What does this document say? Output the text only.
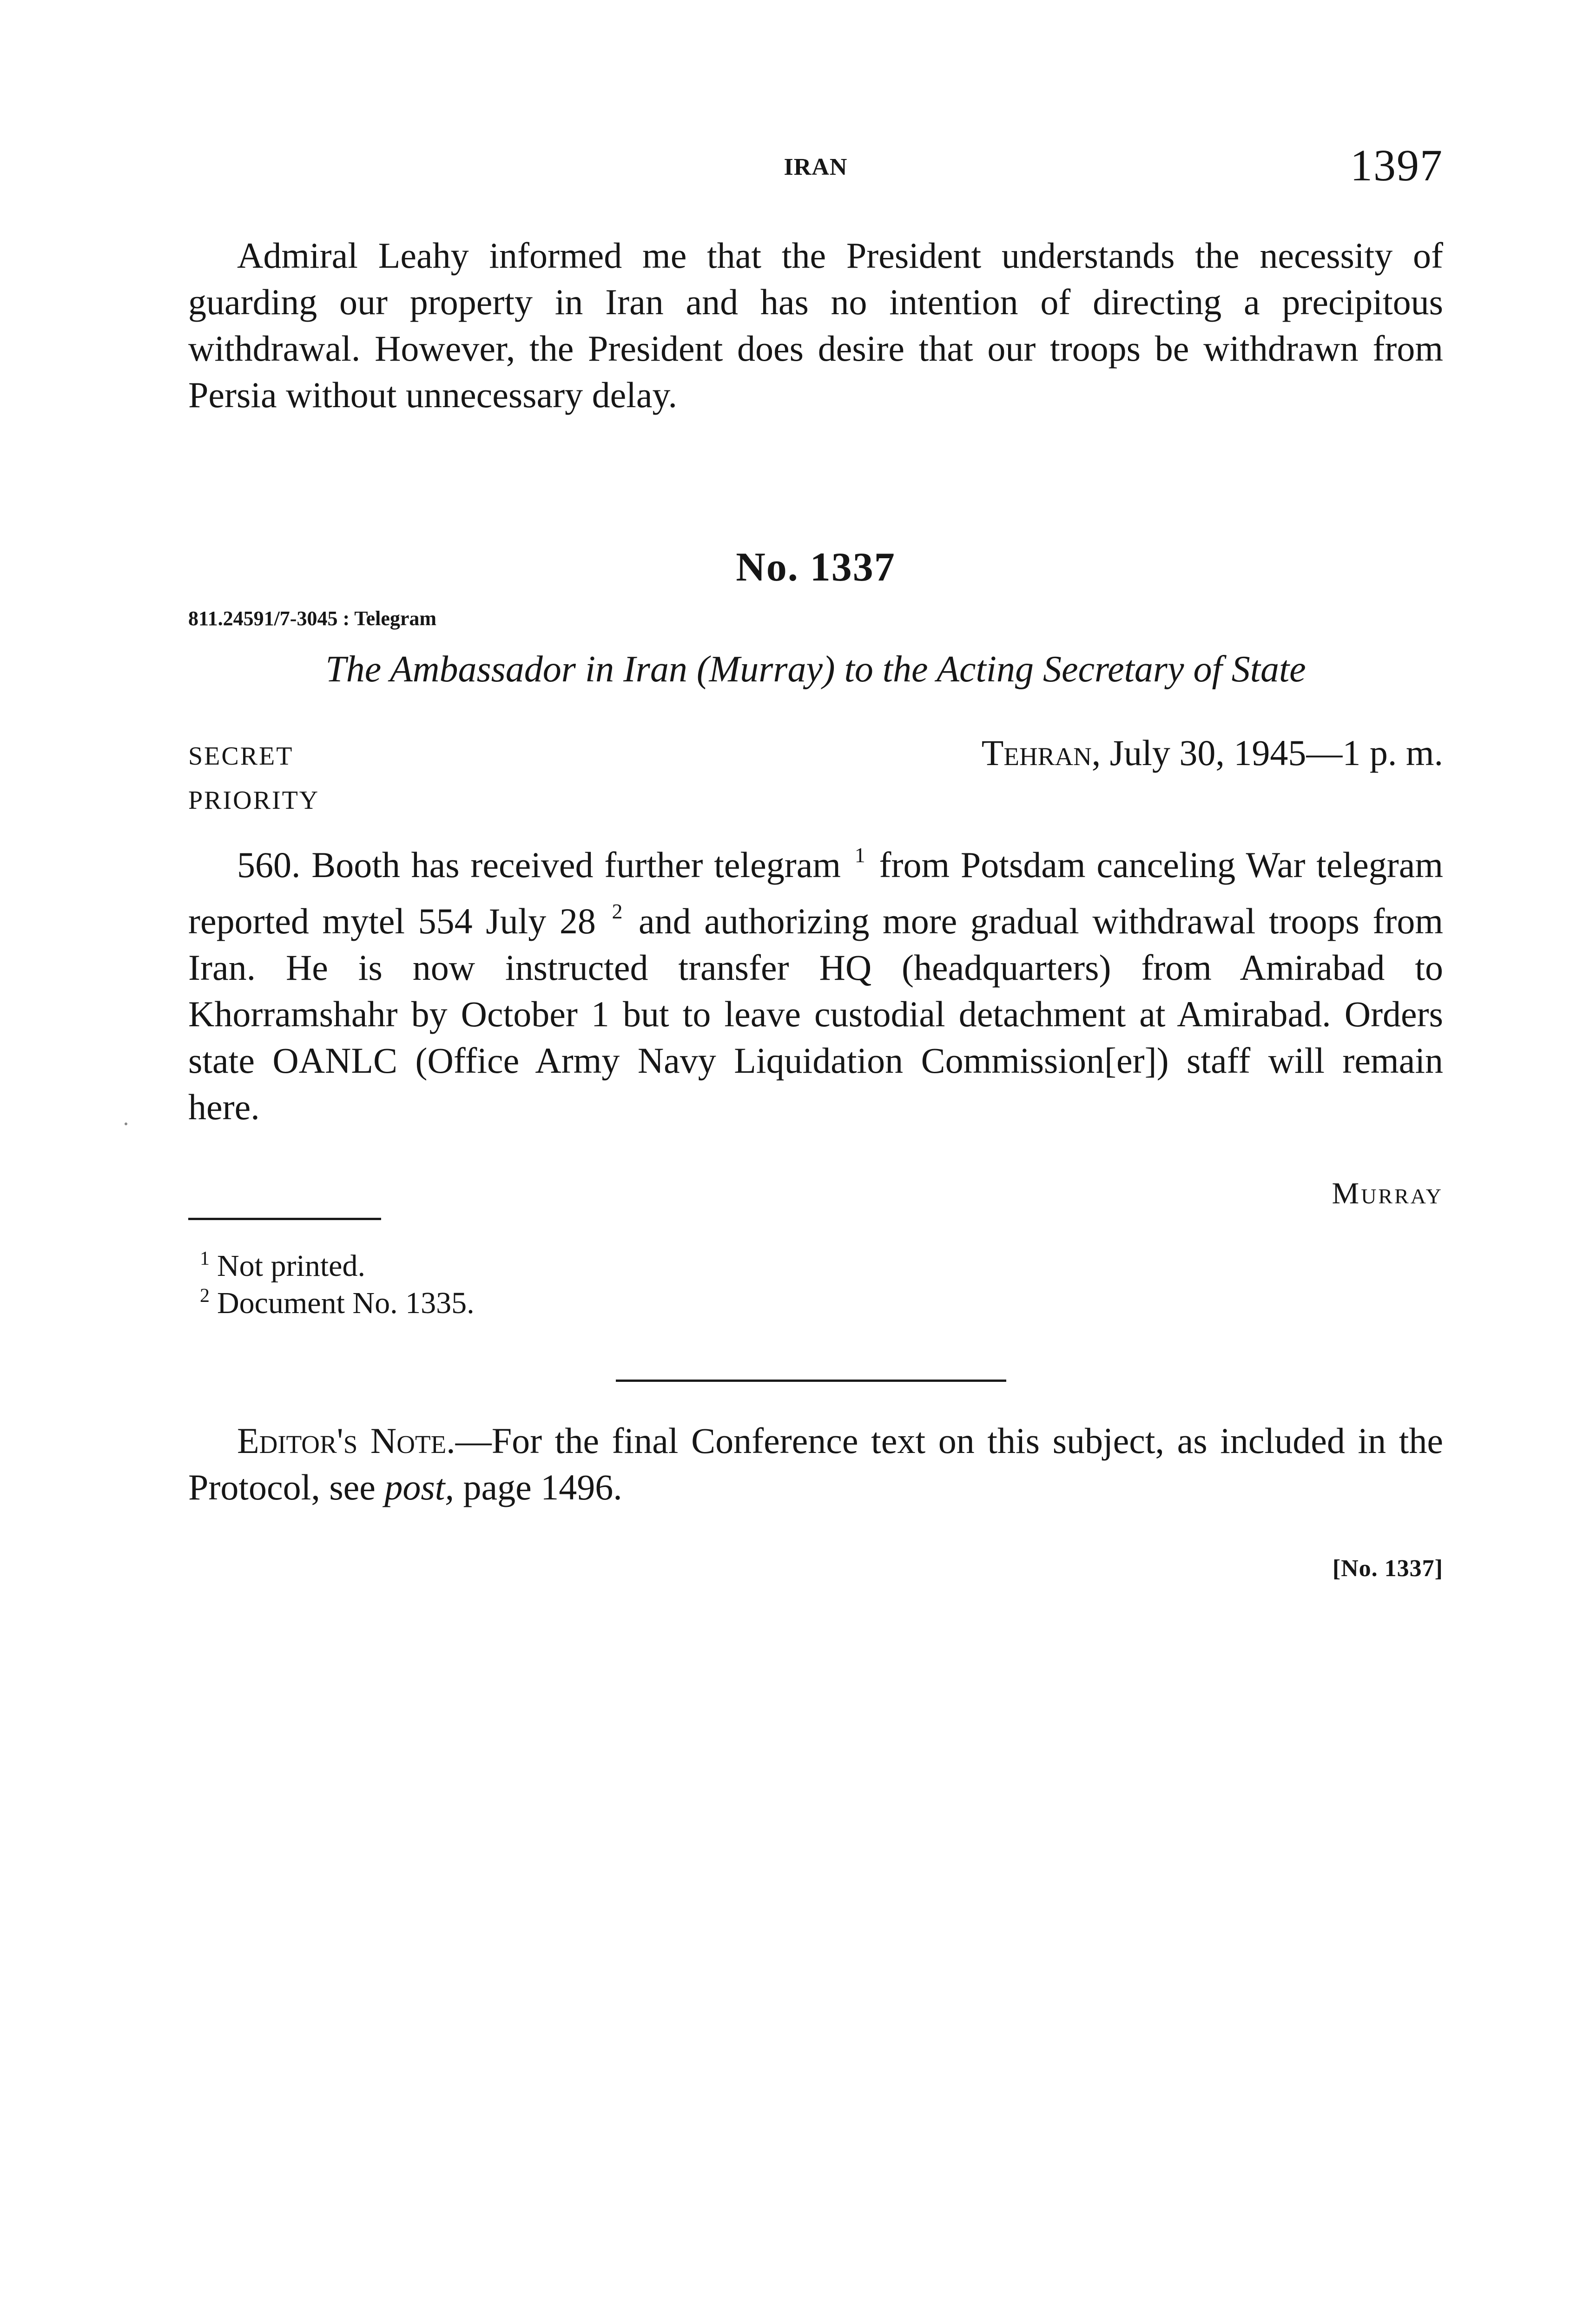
IRAN	1397

Admiral Leahy informed me that the President understands the necessity of guarding our property in Iran and has no intention of directing a precipitous withdrawal. However, the President does desire that our troops be withdrawn from Persia without unnecessary delay.

No. 1337
811.24591/7-3045 : Telegram
The Ambassador in Iran (Murray) to the Acting Secretary of State
SECRET
PRIORITY
Tehran, July 30, 1945—1 p. m.

560. Booth has received further telegram $^1$ from Potsdam canceling War telegram reported mytel 554 July 28 $^2$ and authorizing more gradual withdrawal troops from Iran. He is now instructed transfer HQ (headquarters) from Amirabad to Khorramshahr by October 1 but to leave custodial detachment at Amirabad. Orders state OANLC (Office Army Navy Liquidation Commission[er]) staff will remain here.

Murray
$^1$ Not printed.
$^2$ Document No. 1335.

Editor's Note.—For the final Conference text on this subject, as included in the Protocol, see post, page 1496.

[No. 1337]
